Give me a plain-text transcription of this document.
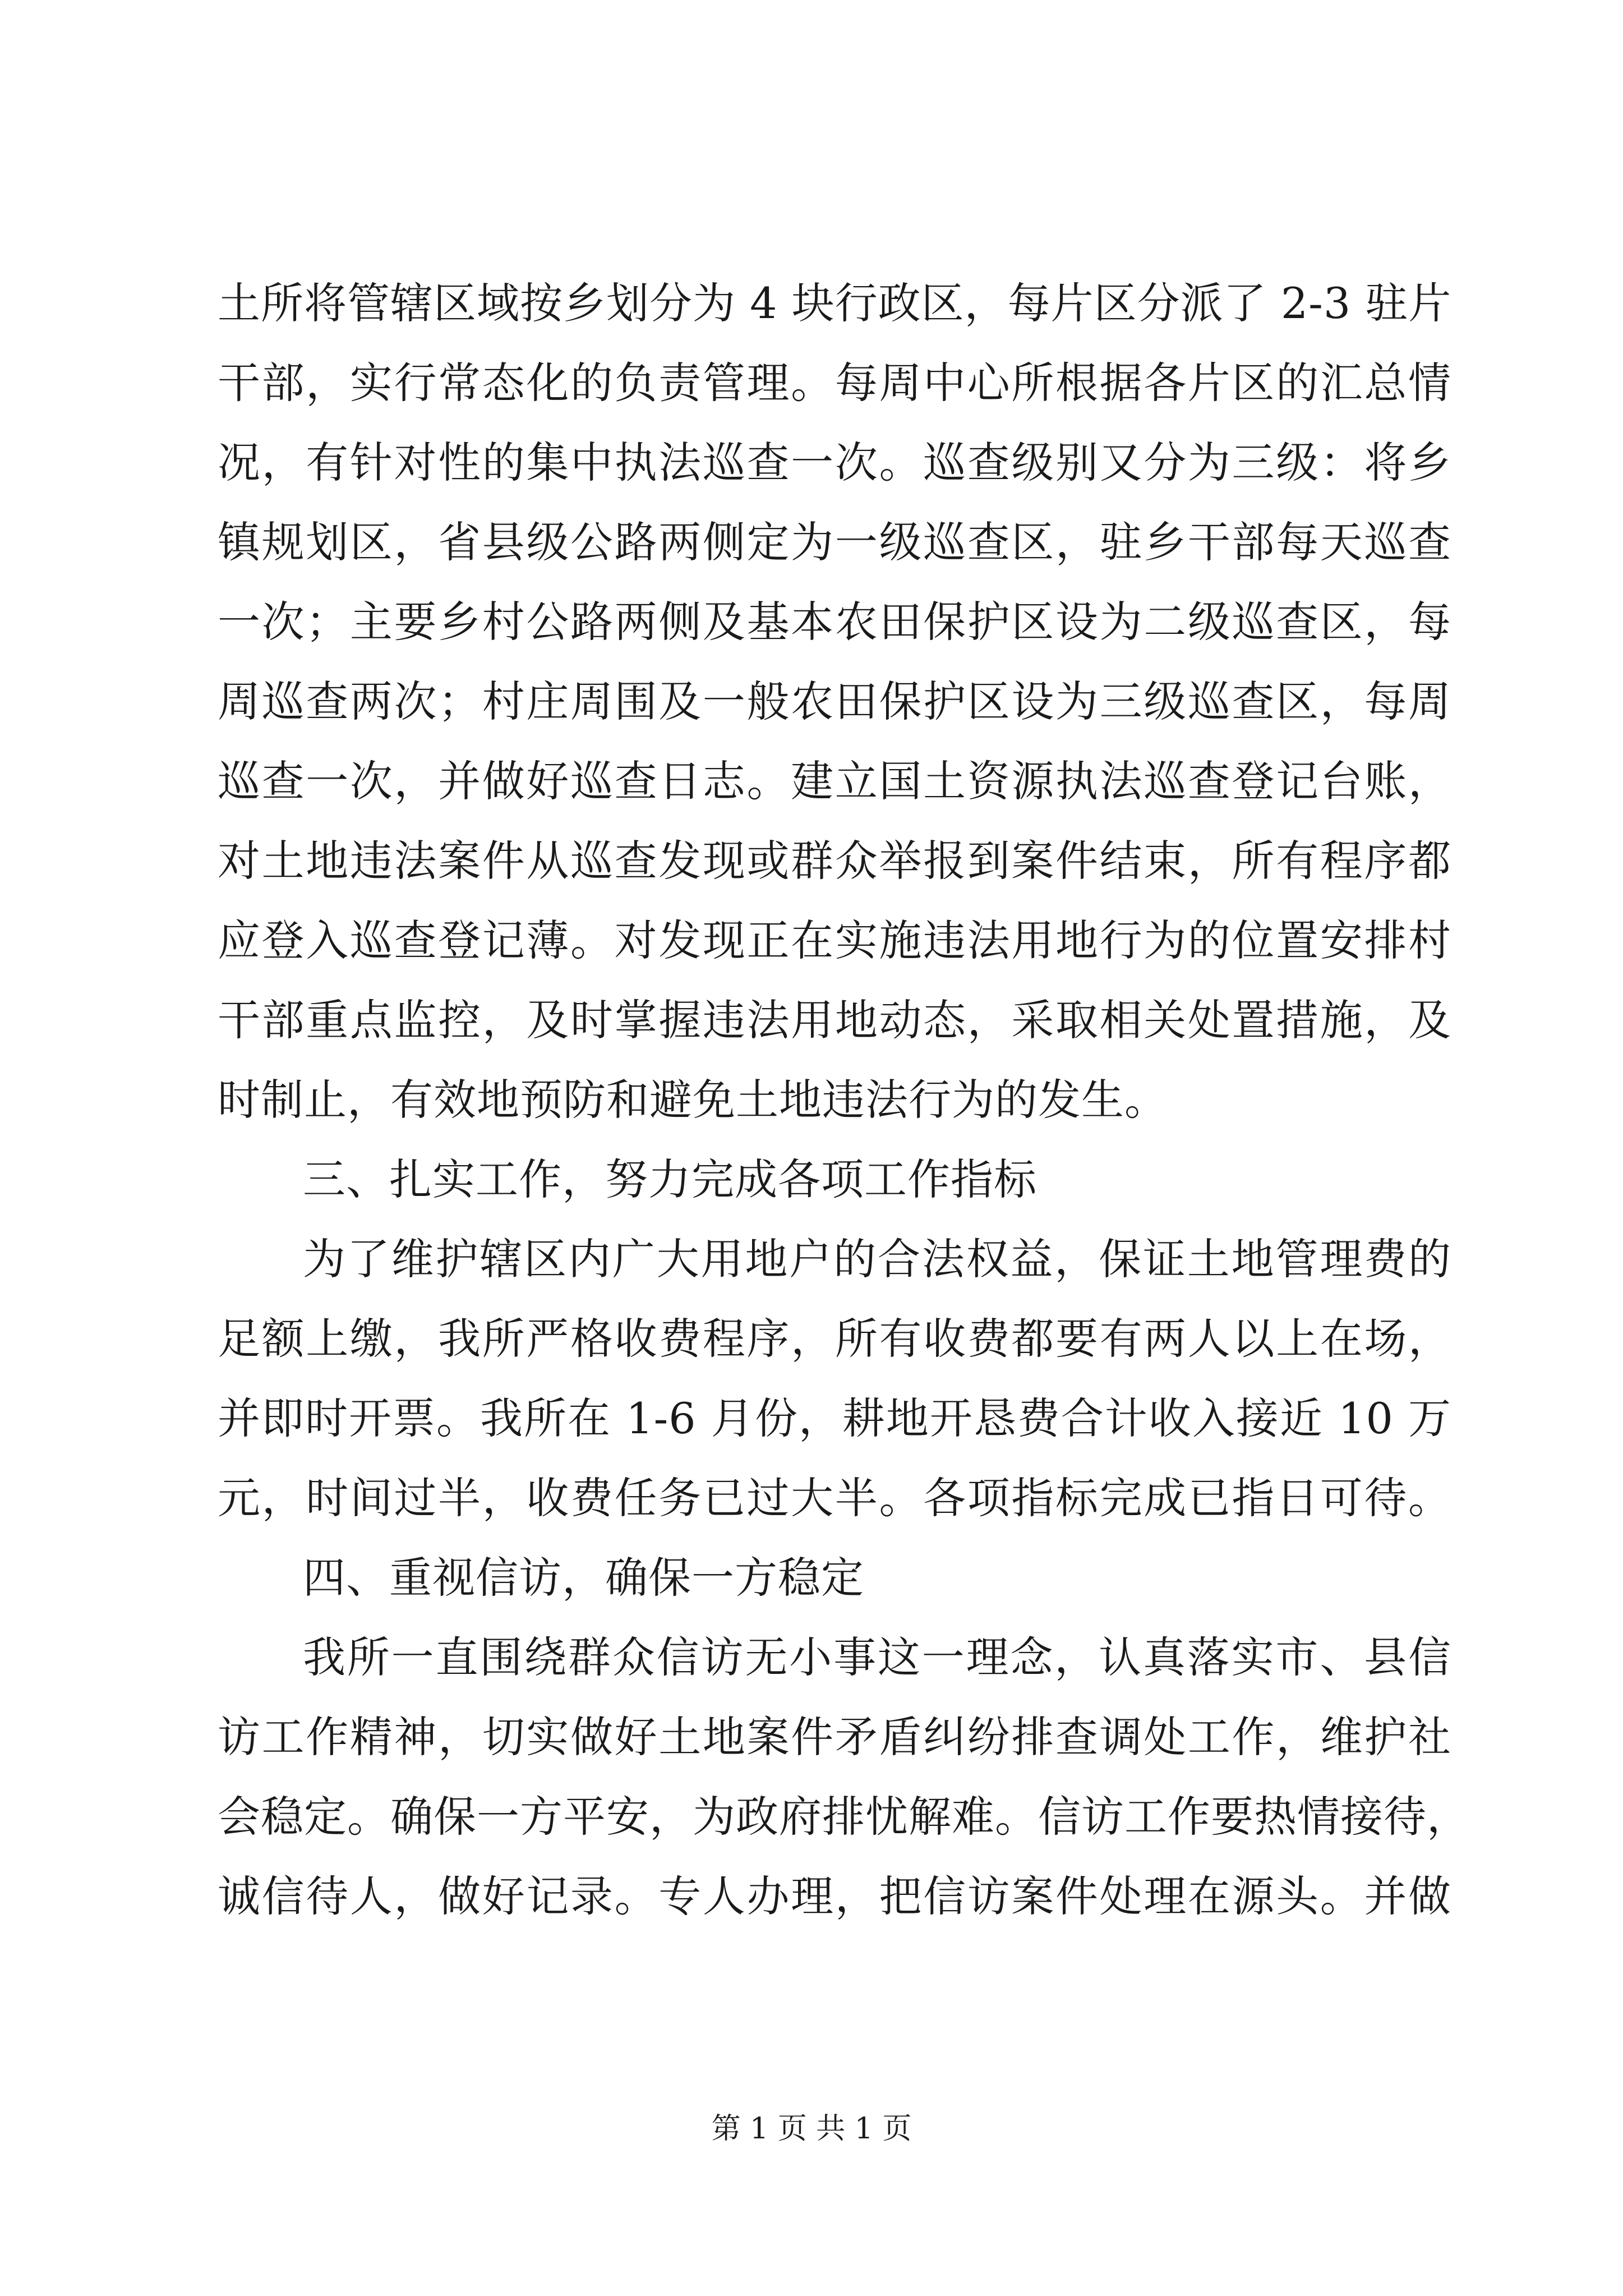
土所将管辖区域按乡划分为 4 块行政区，每片区分派了 2-3 驻片
干部，实行常态化的负责管理。每周中心所根据各片区的汇总情
况，有针对性的集中执法巡查一次。巡查级别又分为三级：将乡
镇规划区，省县级公路两侧定为一级巡查区，驻乡干部每天巡查
一次；主要乡村公路两侧及基本农田保护区设为二级巡查区，每
周巡查两次；村庄周围及一般农田保护区设为三级巡查区，每周
巡查一次，并做好巡查日志。建立国土资源执法巡查登记台账，
对土地违法案件从巡查发现或群众举报到案件结束，所有程序都
应登入巡查登记薄。对发现正在实施违法用地行为的位置安排村
干部重点监控，及时掌握违法用地动态，采取相关处置措施，及
时制止，有效地预防和避免土地违法行为的发生。
三、扎实工作，努力完成各项工作指标
为了维护辖区内广大用地户的合法权益，保证土地管理费的
足额上缴，我所严格收费程序，所有收费都要有两人以上在场，
并即时开票。我所在 1-6 月份，耕地开恳费合计收入接近 10 万
元，时间过半，收费任务已过大半。各项指标完成已指日可待。
四、重视信访，确保一方稳定
我所一直围绕群众信访无小事这一理念，认真落实市、县信
访工作精神，切实做好土地案件矛盾纠纷排查调处工作，维护社
会稳定。确保一方平安，为政府排忧解难。信访工作要热情接待，
诚信待人，做好记录。专人办理，把信访案件处理在源头。并做
第 1 页 共 1 页
